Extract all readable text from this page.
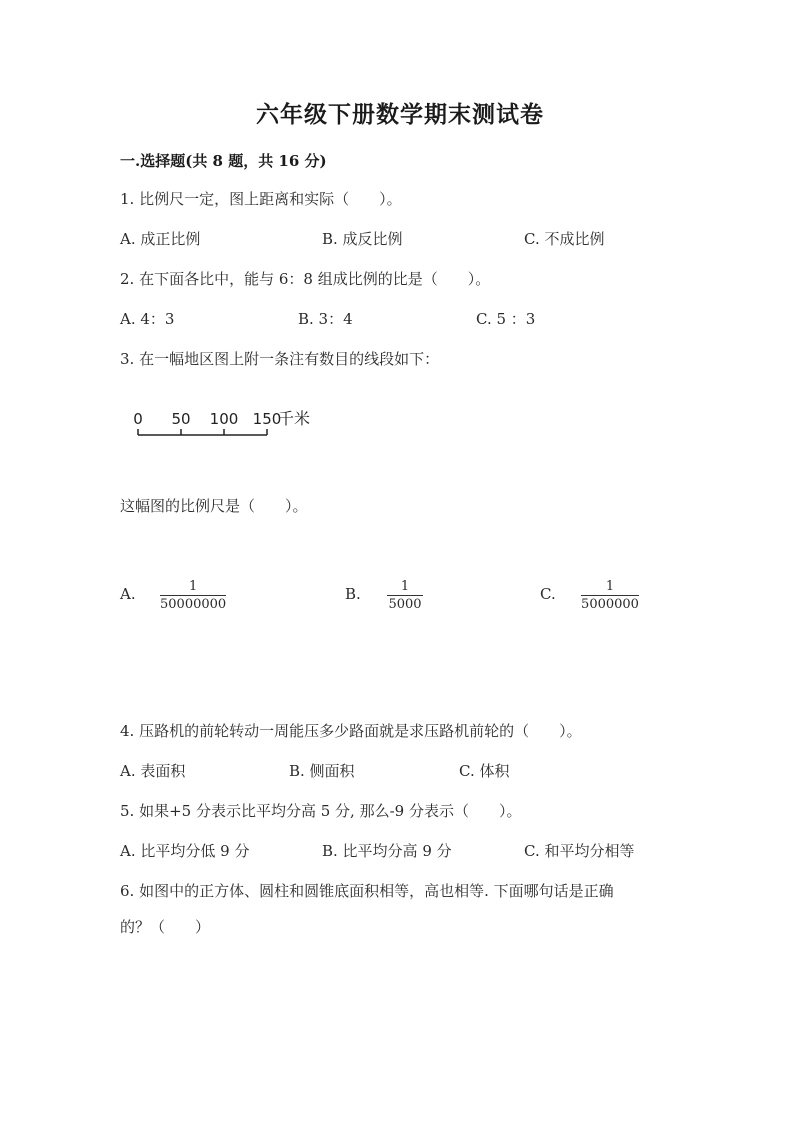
六年级下册数学期末测试卷
一.选择题(共 8 题，共 16 分)
1. 比例尺一定，图上距离和实际（　　）。
A. 成正比例	B. 成反比例	C. 不成比例
2. 在下面各比中，能与 6：8 组成比例的比是（　　）。
A. 4：3	B. 3：4	C. 5 ：3
3. 在一幅地区图上附一条注有数目的线段如下：
0 50 100 150
千米
这幅图的比例尺是（　　）。
A.	1
50000000
B.	1
5000
C.	1
5000000
4. 压路机的前轮转动一周能压多少路面就是求压路机前轮的（　　）。
A. 表面积	B. 侧面积	C. 体积
5. 如果+5 分表示比平均分高 5 分, 那么-9 分表示（　　）。
A. 比平均分低 9 分	B. 比平均分高 9 分	C. 和平均分相等
6. 如图中的正方体、圆柱和圆锥底面积相等，高也相等. 下面哪句话是正确
的？（　　）
